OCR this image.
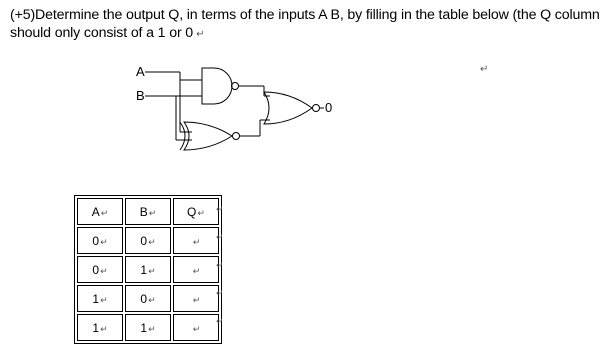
(+5)Determine the output Q, in terms of the inputs A B, by filling in the table below (the Q column
should only consist of a 1 or 0 ↵
A
B
0
↵
A↵	B↵	Q↵
0↵	0↵	↵
0↵	1↵	↵
1↵	0↵	↵
1↵	1↵	↵
↵
↵
↵
↵
↵
